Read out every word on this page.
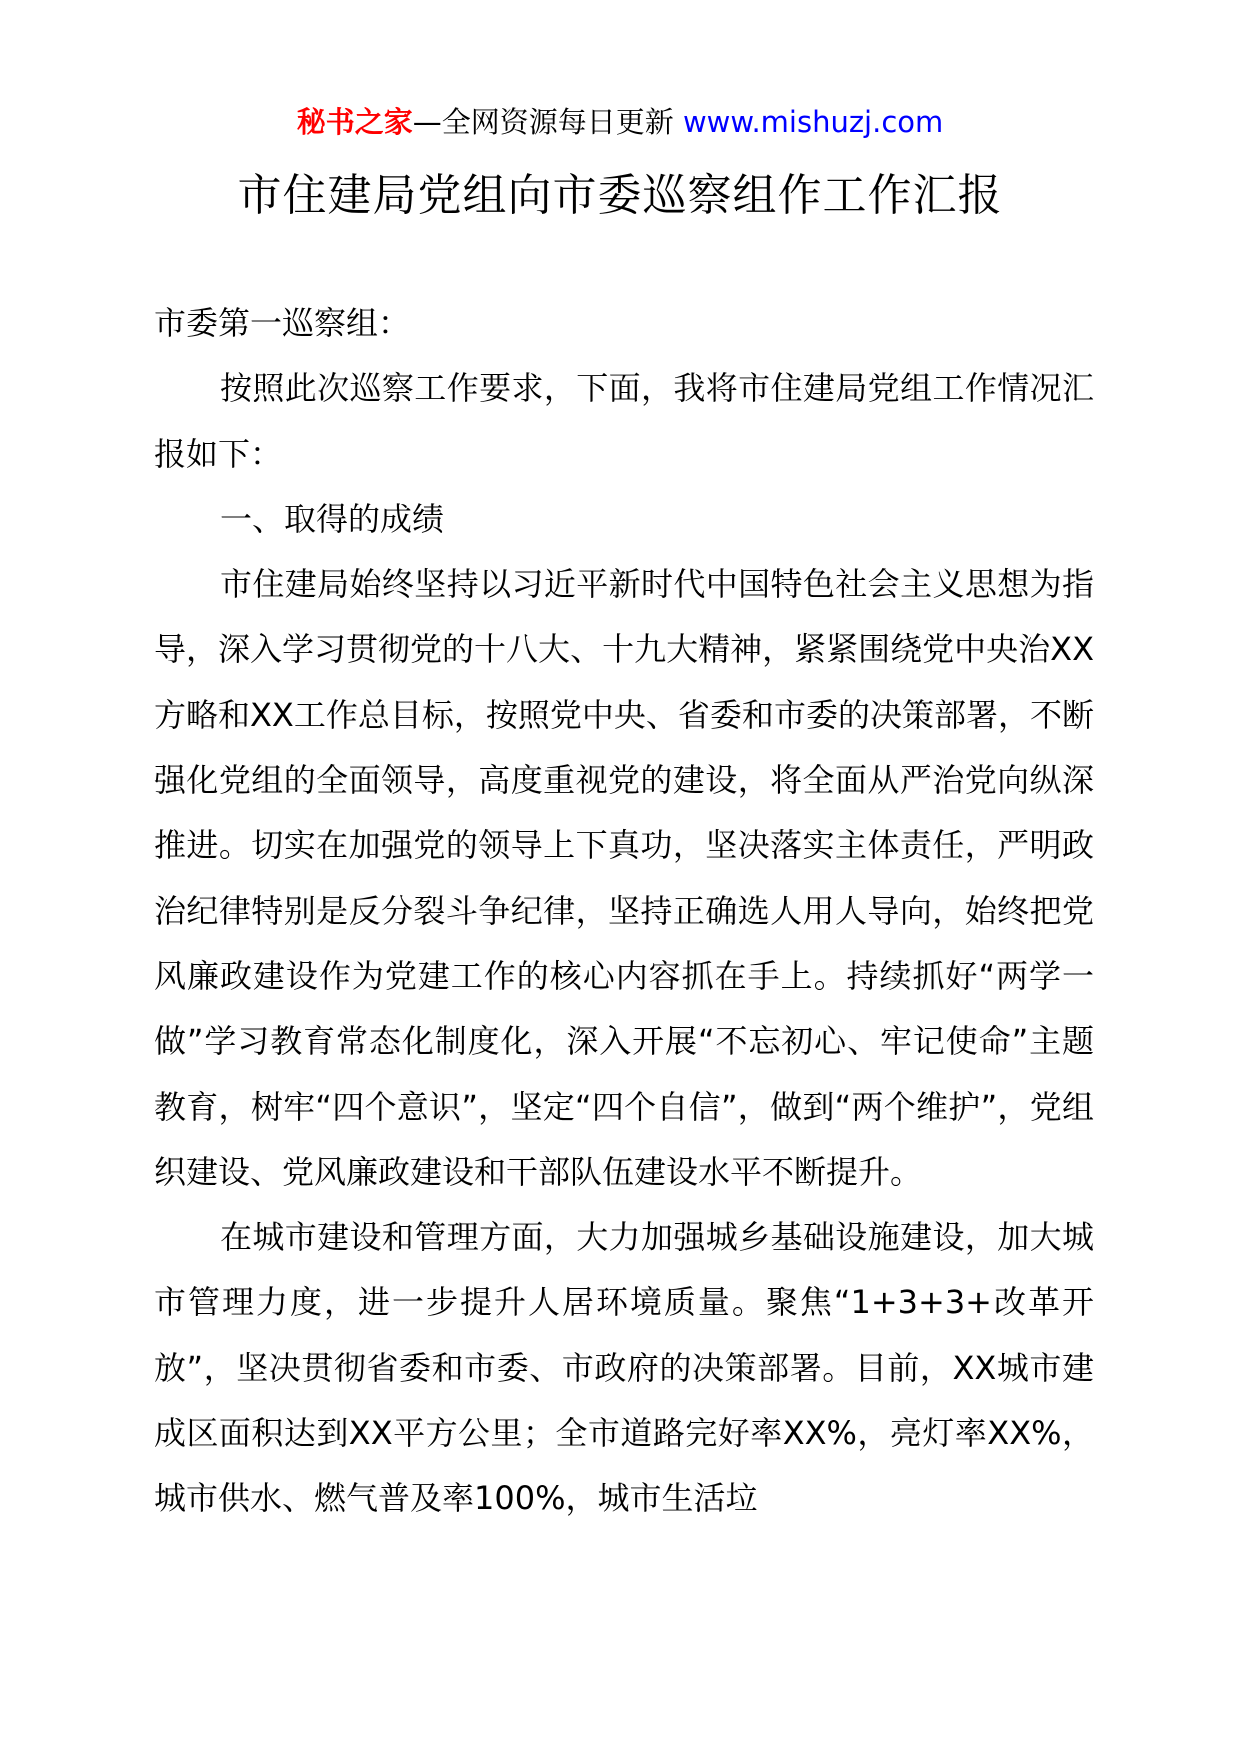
秘书之家—全网资源每日更新 www.mishuzj.com
市住建局党组向市委巡察组作工作汇报

市委第一巡察组：

按照此次巡察工作要求，下面，我将市住建局党组工作情况汇报如下：

一、取得的成绩

市住建局始终坚持以习近平新时代中国特色社会主义思想为指导，深入学习贯彻党的十八大、十九大精神，紧紧围绕党中央治XX方略和XX工作总目标，按照党中央、省委和市委的决策部署，不断强化党组的全面领导，高度重视党的建设，将全面从严治党向纵深推进。切实在加强党的领导上下真功，坚决落实主体责任，严明政治纪律特别是反分裂斗争纪律，坚持正确选人用人导向，始终把党风廉政建设作为党建工作的核心内容抓在手上。持续抓好“两学一做”学习教育常态化制度化，深入开展“不忘初心、牢记使命”主题教育，树牢“四个意识”，坚定“四个自信”，做到“两个维护”，党组织建设、党风廉政建设和干部队伍建设水平不断提升。

在城市建设和管理方面，大力加强城乡基础设施建设，加大城市管理力度，进一步提升人居环境质量。聚焦“1+3+3+改革开放”，坚决贯彻省委和市委、市政府的决策部署。目前，XX城市建成区面积达到XX平方公里；全市道路完好率XX%，亮灯率XX%，城市供水、燃气普及率100%，城市生活垃
